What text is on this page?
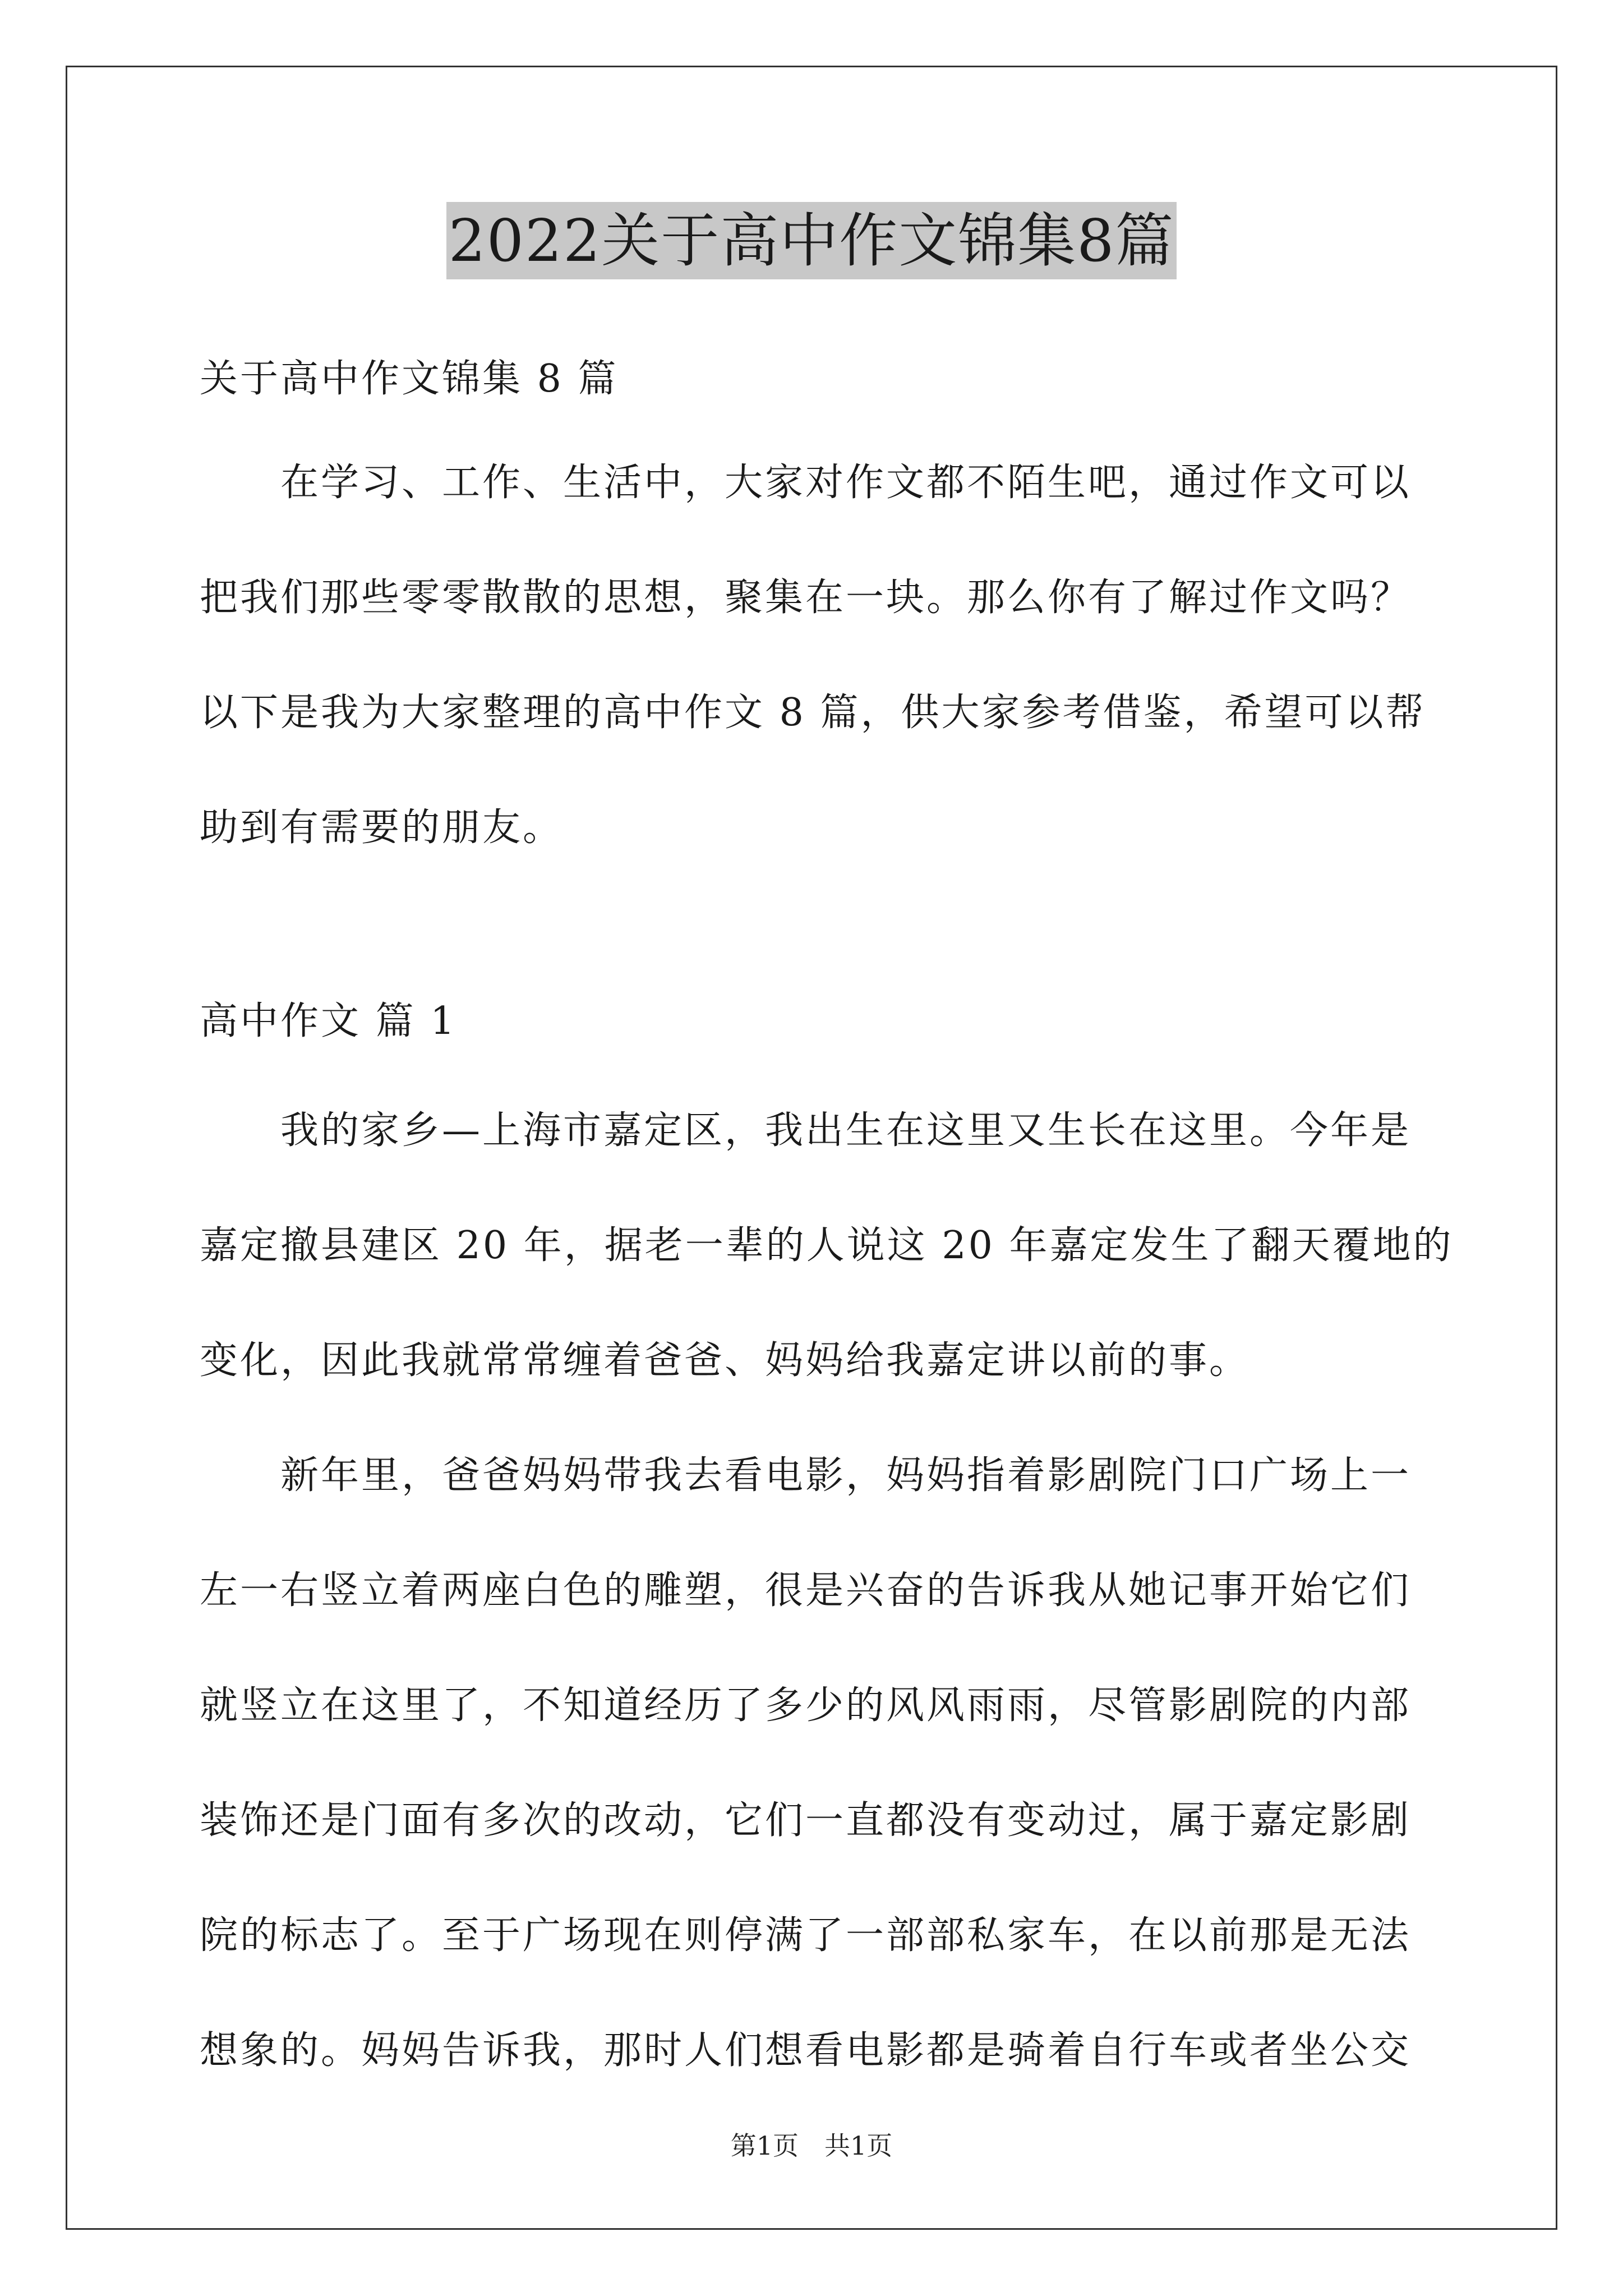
2022关于高中作文锦集8篇

关于高中作文锦集 8 篇

　　在学习、工作、生活中，大家对作文都不陌生吧，通过作文可以

把我们那些零零散散的思想，聚集在一块。那么你有了解过作文吗？

以下是我为大家整理的高中作文 8 篇，供大家参考借鉴，希望可以帮

助到有需要的朋友。

高中作文 篇 1

　　我的家乡—上海市嘉定区，我出生在这里又生长在这里。今年是

嘉定撤县建区 20 年，据老一辈的人说这 20 年嘉定发生了翻天覆地的

变化，因此我就常常缠着爸爸、妈妈给我嘉定讲以前的事。

　　新年里，爸爸妈妈带我去看电影，妈妈指着影剧院门口广场上一

左一右竖立着两座白色的雕塑，很是兴奋的告诉我从她记事开始它们

就竖立在这里了，不知道经历了多少的风风雨雨，尽管影剧院的内部

装饰还是门面有多次的改动，它们一直都没有变动过，属于嘉定影剧

院的标志了。至于广场现在则停满了一部部私家车，在以前那是无法

想象的。妈妈告诉我，那时人们想看电影都是骑着自行车或者坐公交

第1页　共1页
